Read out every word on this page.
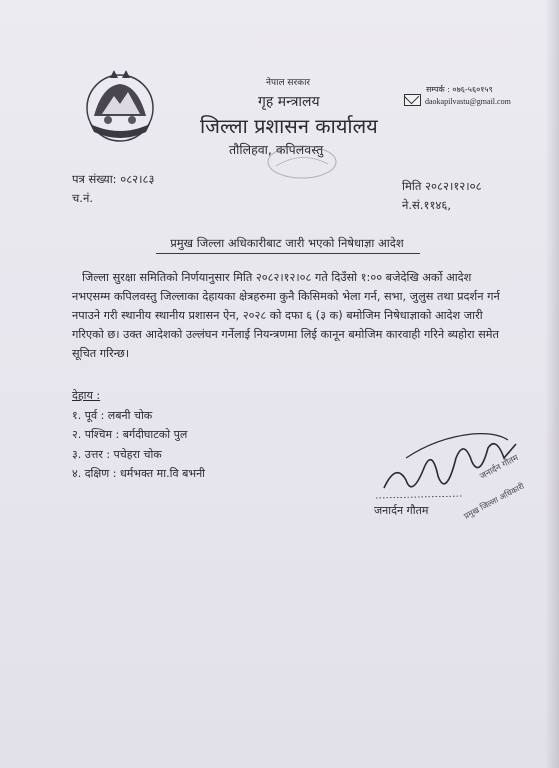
नेपाल सरकार
गृह मन्त्रालय
जिल्ला प्रशासन कार्यालय
तौलिहवा, कपिलवस्तु
सम्पर्क : ०७६-५६०१५९
daokapilvastu@gmail.com
पत्र संख्या: ०८२।८३
च.नं.
मिति २०८२।१२।०८
ने.सं.११४६,
प्रमुख जिल्ला अधिकारीबाट जारी भएको निषेधाज्ञा आदेश
जिल्ला सुरक्षा समितिको निर्णयानुसार मिति २०८२।१२।०८ गते दिउँसो १:०० बजेदेखि अर्को आदेश
नभएसम्म कपिलवस्तु जिल्लाका देहायका क्षेत्रहरुमा कुनै किसिमको भेला गर्न, सभा, जुलुस तथा प्रदर्शन गर्न
नपाउने गरी स्थानीय स्थानीय प्रशासन ऐन, २०२८ को दफा ६ (३ क) बमोजिम निषेधाज्ञाको आदेश जारी
गरिएको छ। उक्त आदेशको उल्लंघन गर्नेलाई नियन्त्रणमा लिई कानून बमोजिम कारवाही गरिने ब्यहोरा समेत
सूचित गरिन्छ।
देहाय :
१. पूर्व : लबनी चोक
२. पश्चिम : बर्गदीघाटको पुल
३. उत्तर : पचेहरा चोक
४. दक्षिण : धर्मभक्त मा.वि बभनी	जनार्दन गौतम
प्रमुख जिल्ला अधिकारी
जनार्दन गौतम
